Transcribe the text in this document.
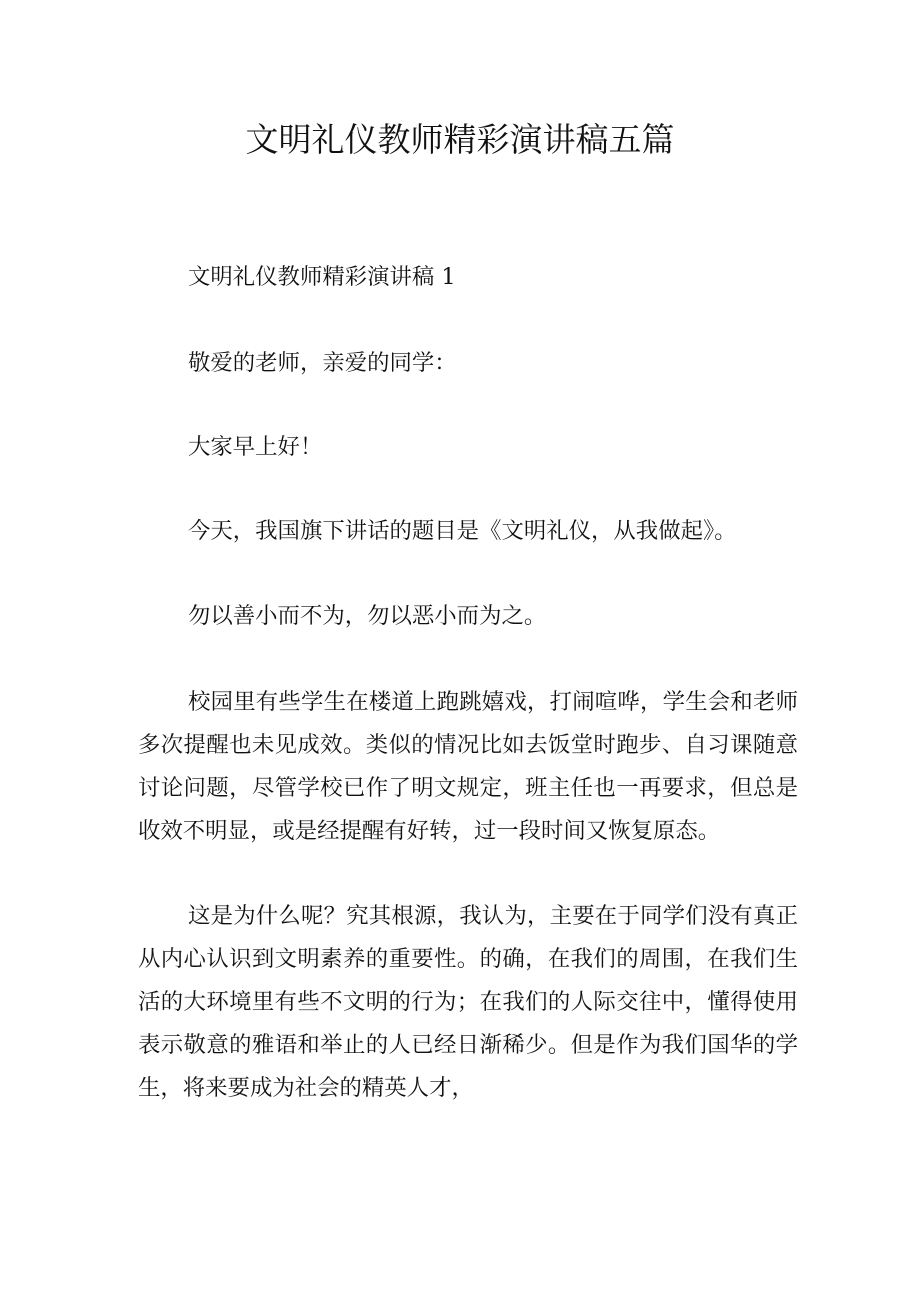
文明礼仪教师精彩演讲稿五篇

文明礼仪教师精彩演讲稿 1

敬爱的老师，亲爱的同学：

大家早上好！

今天，我国旗下讲话的题目是《文明礼仪，从我做起》。

勿以善小而不为，勿以恶小而为之。

校园里有些学生在楼道上跑跳嬉戏，打闹喧哗，学生会和老师多次提醒也未见成效。类似的情况比如去饭堂时跑步、自习课随意讨论问题，尽管学校已作了明文规定，班主任也一再要求，但总是收效不明显，或是经提醒有好转，过一段时间又恢复原态。

这是为什么呢？究其根源，我认为，主要在于同学们没有真正从内心认识到文明素养的重要性。的确，在我们的周围，在我们生活的大环境里有些不文明的行为；在我们的人际交往中，懂得使用表示敬意的雅语和举止的人已经日渐稀少。但是作为我们国华的学生，将来要成为社会的精英人才，
